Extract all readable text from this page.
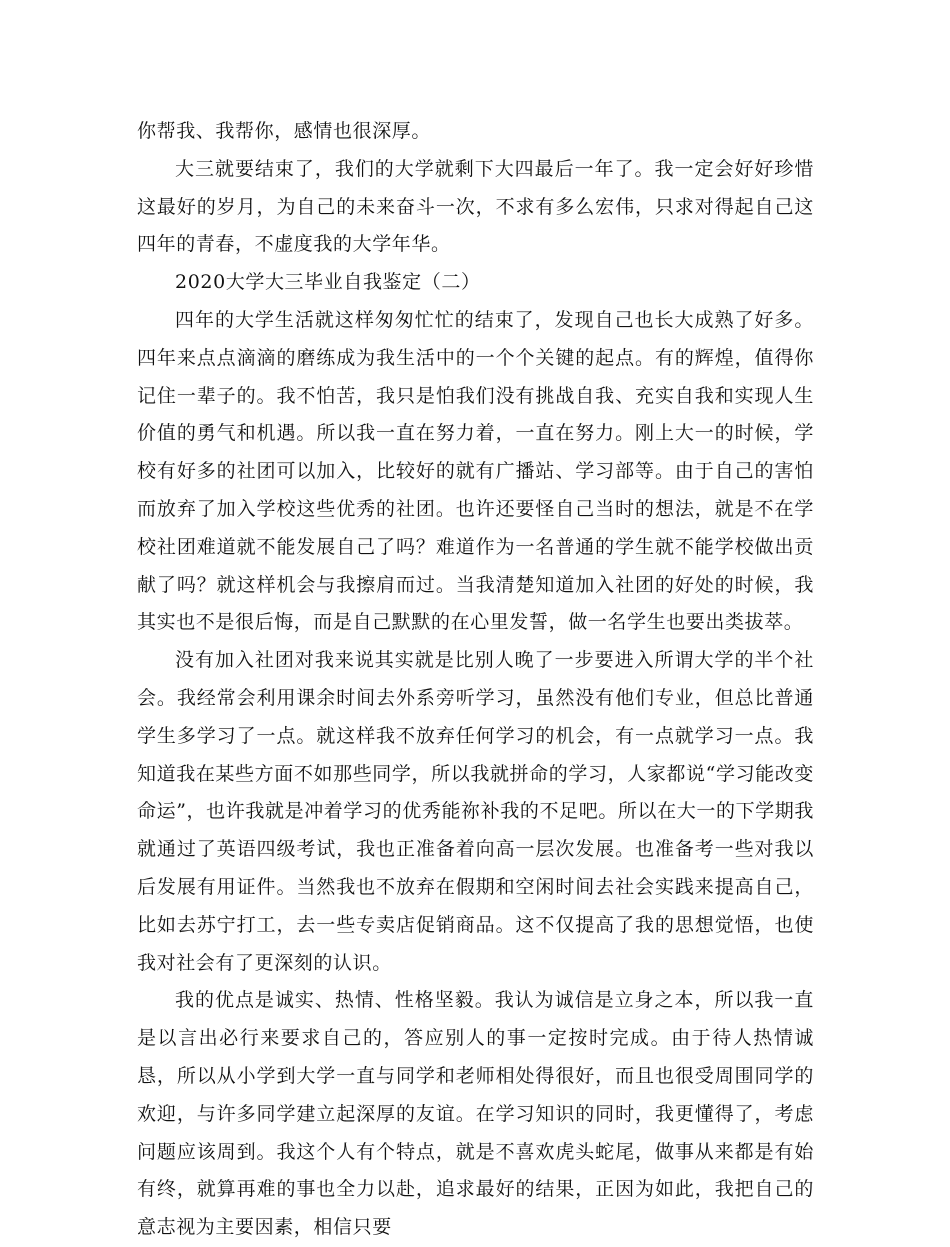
你帮我、我帮你，感情也很深厚。

大三就要结束了，我们的大学就剩下大四最后一年了。我一定会好好珍惜这最好的岁月，为自己的未来奋斗一次，不求有多么宏伟，只求对得起自己这四年的青春，不虚度我的大学年华。

2020大学大三毕业自我鉴定（二）

四年的大学生活就这样匆匆忙忙的结束了，发现自己也长大成熟了好多。四年来点点滴滴的磨练成为我生活中的一个个关键的起点。有的辉煌，值得你记住一辈子的。我不怕苦，我只是怕我们没有挑战自我、充实自我和实现人生价值的勇气和机遇。所以我一直在努力着，一直在努力。刚上大一的时候，学校有好多的社团可以加入，比较好的就有广播站、学习部等。由于自己的害怕而放弃了加入学校这些优秀的社团。也许还要怪自己当时的想法，就是不在学校社团难道就不能发展自己了吗？难道作为一名普通的学生就不能学校做出贡献了吗？就这样机会与我擦肩而过。当我清楚知道加入社团的好处的时候，我其实也不是很后悔，而是自己默默的在心里发誓，做一名学生也要出类拔萃。

没有加入社团对我来说其实就是比别人晚了一步要进入所谓大学的半个社会。我经常会利用课余时间去外系旁听学习，虽然没有他们专业，但总比普通学生多学习了一点。就这样我不放弃任何学习的机会，有一点就学习一点。我知道我在某些方面不如那些同学，所以我就拼命的学习，人家都说“学习能改变命运”，也许我就是冲着学习的优秀能祢补我的不足吧。所以在大一的下学期我就通过了英语四级考试，我也正准备着向高一层次发展。也准备考一些对我以后发展有用证件。当然我也不放弃在假期和空闲时间去社会实践来提高自己，比如去苏宁打工，去一些专卖店促销商品。这不仅提高了我的思想觉悟，也使我对社会有了更深刻的认识。

我的优点是诚实、热情、性格坚毅。我认为诚信是立身之本，所以我一直是以言出必行来要求自己的，答应别人的事一定按时完成。由于待人热情诚恳，所以从小学到大学一直与同学和老师相处得很好，而且也很受周围同学的欢迎，与许多同学建立起深厚的友谊。在学习知识的同时，我更懂得了，考虑问题应该周到。我这个人有个特点，就是不喜欢虎头蛇尾，做事从来都是有始有终，就算再难的事也全力以赴，追求最好的结果，正因为如此，我把自己的意志视为主要因素，相信只要
